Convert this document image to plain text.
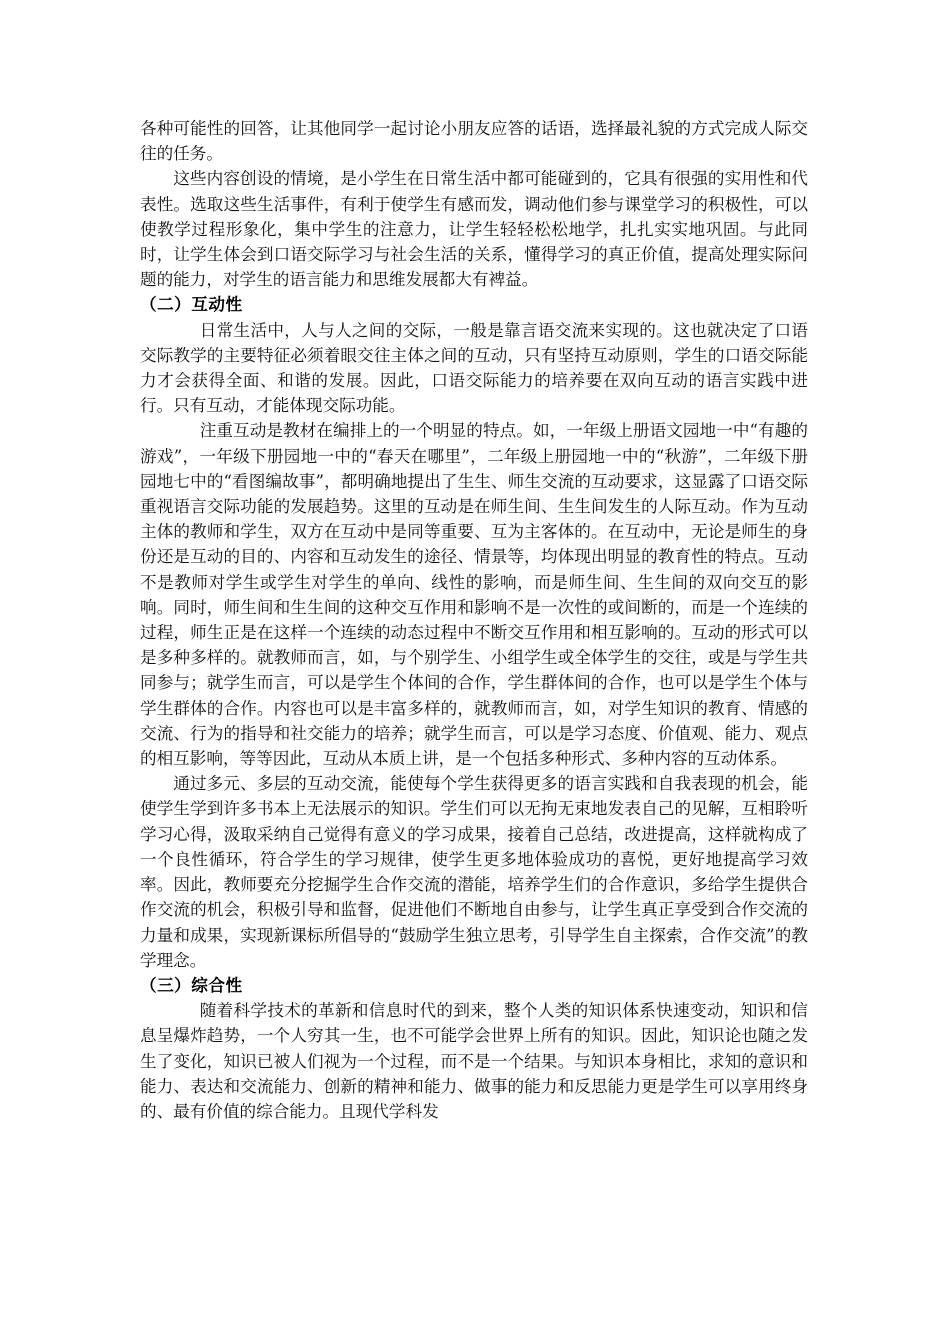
各种可能性的回答，让其他同学一起讨论小朋友应答的话语，选择最礼貌的方式完成人际交往的任务。

这些内容创设的情境，是小学生在日常生活中都可能碰到的，它具有很强的实用性和代表性。选取这些生活事件，有利于使学生有感而发，调动他们参与课堂学习的积极性，可以使教学过程形象化，集中学生的注意力，让学生轻轻松松地学，扎扎实实地巩固。与此同时，让学生体会到口语交际学习与社会生活的关系，懂得学习的真正价值，提高处理实际问题的能力，对学生的语言能力和思维发展都大有裨益。

（二）互动性

日常生活中，人与人之间的交际，一般是靠言语交流来实现的。这也就决定了口语交际教学的主要特征必须着眼交往主体之间的互动，只有坚持互动原则，学生的口语交际能力才会获得全面、和谐的发展。因此，口语交际能力的培养要在双向互动的语言实践中进行。只有互动，才能体现交际功能。

注重互动是教材在编排上的一个明显的特点。如，一年级上册语文园地一中“有趣的游戏”，一年级下册园地一中的“春天在哪里”，二年级上册园地一中的“秋游”，二年级下册园地七中的“看图编故事”，都明确地提出了生生、师生交流的互动要求，这显露了口语交际重视语言交际功能的发展趋势。这里的互动是在师生间、生生间发生的人际互动。作为互动主体的教师和学生，双方在互动中是同等重要、互为主客体的。在互动中，无论是师生的身份还是互动的目的、内容和互动发生的途径、情景等，均体现出明显的教育性的特点。互动不是教师对学生或学生对学生的单向、线性的影响，而是师生间、生生间的双向交互的影响。同时，师生间和生生间的这种交互作用和影响不是一次性的或间断的，而是一个连续的过程，师生正是在这样一个连续的动态过程中不断交互作用和相互影响的。互动的形式可以是多种多样的。就教师而言，如，与个别学生、小组学生或全体学生的交往，或是与学生共同参与；就学生而言，可以是学生个体间的合作，学生群体间的合作，也可以是学生个体与学生群体的合作。内容也可以是丰富多样的，就教师而言，如，对学生知识的教育、情感的交流、行为的指导和社交能力的培养；就学生而言，可以是学习态度、价值观、能力、观点的相互影响，等等因此，互动从本质上讲，是一个包括多种形式、多种内容的互动体系。

通过多元、多层的互动交流，能使每个学生获得更多的语言实践和自我表现的机会，能使学生学到许多书本上无法展示的知识。学生们可以无拘无束地发表自己的见解，互相聆听学习心得，汲取采纳自己觉得有意义的学习成果，接着自己总结，改进提高，这样就构成了一个良性循环，符合学生的学习规律，使学生更多地体验成功的喜悦，更好地提高学习效率。因此，教师要充分挖掘学生合作交流的潜能，培养学生们的合作意识，多给学生提供合作交流的机会，积极引导和监督，促进他们不断地自由参与，让学生真正享受到合作交流的力量和成果，实现新课标所倡导的“鼓励学生独立思考，引导学生自主探索，合作交流”的教学理念。

（三）综合性

随着科学技术的革新和信息时代的到来，整个人类的知识体系快速变动，知识和信息呈爆炸趋势，一个人穷其一生，也不可能学会世界上所有的知识。因此，知识论也随之发生了变化，知识已被人们视为一个过程，而不是一个结果。与知识本身相比，求知的意识和能力、表达和交流能力、创新的精神和能力、做事的能力和反思能力更是学生可以享用终身的、最有价值的综合能力。且现代学科发
